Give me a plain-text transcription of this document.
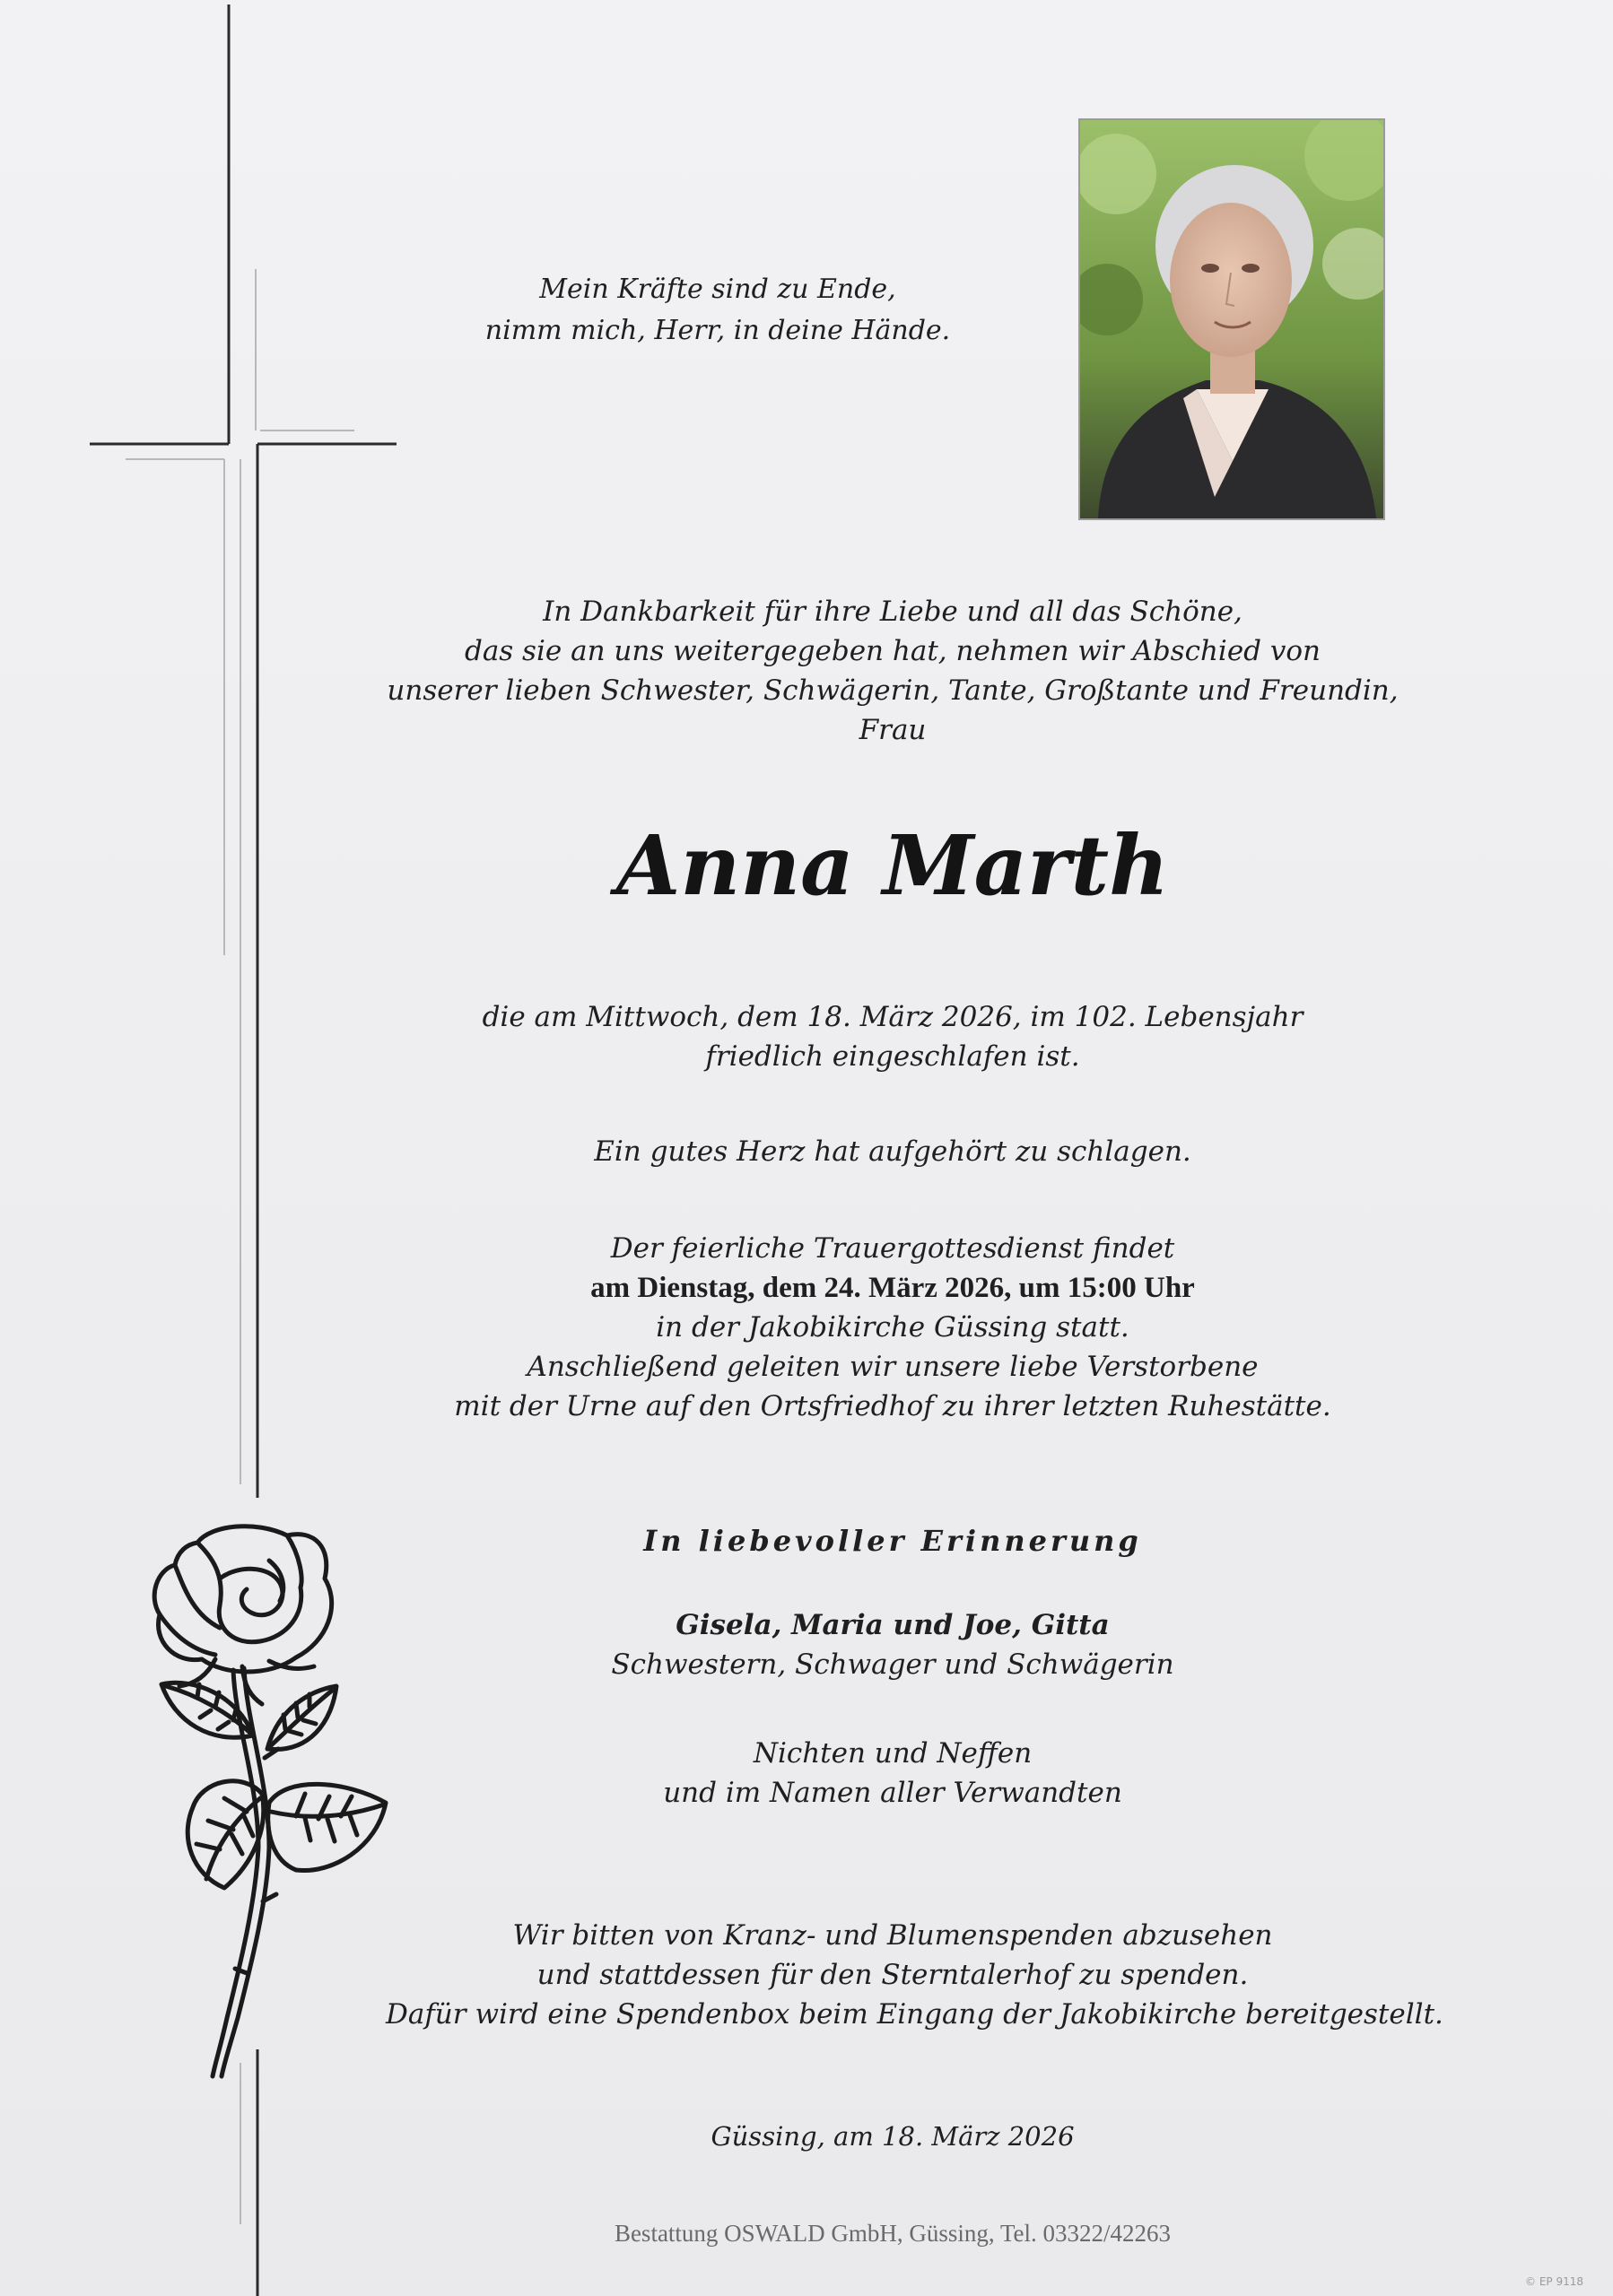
Mein Kräfte sind zu Ende,
nimm mich, Herr, in deine Hände.
In Dankbarkeit für ihre Liebe und all das Schöne,
das sie an uns weitergegeben hat, nehmen wir Abschied von
unserer lieben Schwester, Schwägerin, Tante, Großtante und Freundin,
Frau
Anna Marth
die am Mittwoch, dem 18. März 2026, im 102. Lebensjahr
friedlich eingeschlafen ist.
Ein gutes Herz hat aufgehört zu schlagen.
Der feierliche Trauergottesdienst findet
am Dienstag, dem 24. März 2026, um 15:00 Uhr
in der Jakobikirche Güssing statt.
Anschließend geleiten wir unsere liebe Verstorbene
mit der Urne auf den Ortsfriedhof zu ihrer letzten Ruhestätte.
In liebevoller Erinnerung
Gisela, Maria und Joe, Gitta
Schwestern, Schwager und Schwägerin
Nichten und Neffen
und im Namen aller Verwandten
Wir bitten von Kranz- und Blumenspenden abzusehen
und stattdessen für den Sterntalerhof zu spenden.
Dafür wird eine Spendenbox beim Eingang der Jakobikirche bereitgestellt.
Güssing, am 18. März 2026
Bestattung OSWALD GmbH, Güssing, Tel. 03322/42263
© EP 9118
